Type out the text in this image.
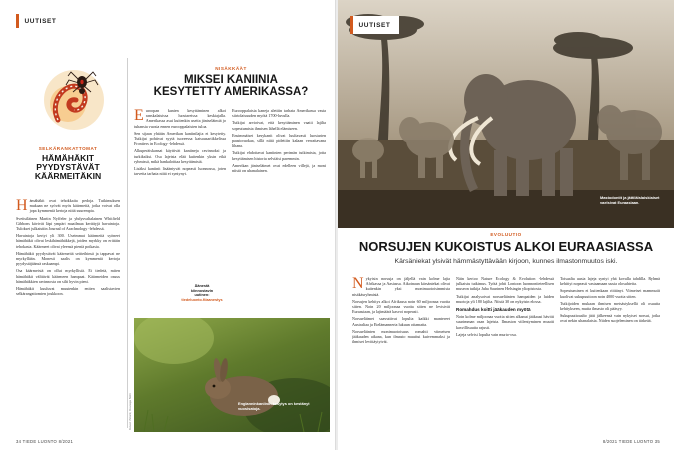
UUTISET
SELKÄRANKATTOMAT
HÄMÄHÄKIT
PYYDYSTÄVÄT
KÄÄRMEITÄKIN

Hämähäkit ovat tehokkaita pedoja. Tutkimuksen mukaan ne syövät myös käärmeitä, jotka voivat olla jopa kymmeniä kertoja niitä suurempia.

Sveitsiläinen Martin Nyffeler ja yhdysvaltalainen Whitfield Gibbons kävivät läpi ympäri maailmaa kerättyjä havaintoja. Tulokset julkaistiin Journal of Arachnology -lehdessä.

Havaintoja kertyi yli 300. Useimmat käärmeitä syöneet hämähäkit olivat leskihämähäkkejä, joiden myrkky on erittäin tehokasta. Käärmeet olivat yleensä pieniä poikasia.

Hämähäkit pyydystävät käärmeitä seitteihinsä ja tappavat ne myrkyllään. Monesti saalis on kymmeniä kertoja pyydystäjäänsä raskaampi.

Osa käärmeistä on ollut myrkyllisiä. Ei tiedetä, miten hämähäkit välttävät käärmeen hampaat. Käärmeiden osuus hämähäkkien ravinnosta on silti hyvin pieni.

Hämähäkit kuuluvat muutenkin eniten saalistavien selkärangattomien joukkoon.

NISÄKKÄÄT
MIKSEI KANIINIA
KESYTETTY AMERIKASSA?

Euroopan kanien kesyttäminen alkoi ranskalaisissa luostareissa keskiajalla. Amerikassa asui kuitenkin useita jäniseläimiä jo tuhansia vuosia ennen eurooppalaisten tuloa.

Sen sijaan yhtään Amerikan kaniinilajia ei kesytetty. Tutkijat pohtivat syytä tuoreessa katsausartikkelissa Frontiers in Ecology -lehdessä.

Alkuperäiskansat käyttivät kaniineja ravinnoksi ja turkiksiksi. Osa lajeista elää kuitenkin yksin eikä ryhmissä, mikä hankaloittaa kesyttämistä.

Lisäksi kaniinit lisääntyvät nopeasti luonnossa, joten tarvetta tarhata niitä ei syntynyt.

Eurooppalaisia kaneja alettiin tarhata Amerikassa vasta siirtolaisuuden myötä 1700-luvulla.

Tutkijat arvioivat, että kesyttäminen vaatii lajilta sopeutumista ihmisen lähellä elämiseen.

Ensimmäiset kesykanit olivat luultavasti luostarien paastoruokaa, sillä niitä pidettiin kalaan verrattavana lihana.

Tutkijat ehdottavat kaniinien perimän tutkimista, jotta kesyttämisen historia selviäisi paremmin.

Amerikan jäniseläimet ovat edelleen villejä, ja moni niistä on uhanalainen.

Äänestä
kiinnostavin
uutinen:
tiedeluonto.fi/aanestys
Englanninkaniinin kesytys on kestänyt vuosisatoja.
Kuvat: iStock, Kuvaaja Nimi
34 TIEDE LUONTO 8/2021
Mastodontit ja jättiläislaiskiaiset vaelsivat Euraasiaan.
UUTISET
EVOLUUTIO
NORSUJEN KUKOISTUS ALKOI EURAASIASSA
Kärsäniekat ylsivät hämmästyttävään kirjoon, kunnes ilmastonmuutos iski.

Nykyisin norsuja on jäljellä vain kolme lajia Afrikassa ja Aasiassa. Aikoinaan kärsäniekat olivat kuitenkin yksi monimuotoisimmista nisäkäsryhmistä.

Norsujen kehitys alkoi Afrikassa noin 60 miljoonaa vuotta sitten. Noin 20 miljoonaa vuotta sitten ne levisivät Euraasiaan, ja lajimäärä kasvoi nopeasti.

Norsueläimet saavuttivat lopulta kaikki mantereet Australiaa ja Etelämannerta lukuun ottamatta.

Norsueläinten monimuotoisuus romahti viimeisen jääkauden aikana, kun ilmasto muuttui kuivemmaksi ja ihmiset levittäytyivät.

Näin kertoo Nature Ecology & Evolution -lehdessä julkaistu tutkimus. Työtä johti Lontoon luonnontieteellisen museon tutkija Juha Saarinen Helsingin yliopistosta.

Tutkijat analysoivat norsueläinten hampaiden ja luiden muotoja yli 180 lajilta. Niistä 30 on nykyisin elossa.

Romahdus koitti jääkauden myötä

Noin kolme miljoonaa vuotta sitten alkanut jääkausi hävitti suurimman osan lajeista. Ilmaston viilentyminen muutti kasvillisuutta rajusti.

Lajeja selvisi lopulta vain murto-osa.

Toisaalta uusia lajeja syntyi yhä kovalla tahdilla. Ryhmä kehittyi nopeasti vastaamaan uusia olosuhteita.

Sopeutuminen ei kuitenkaan riittänyt. Viimeiset mammutit kuolivat sukupuuttoon noin 4000 vuotta sitten.

Tutkijoiden mukaan ihmisen metsästyksellä oli osuutta kehitykseen, mutta ilmasto oli pääsyy.

Sukupuuttoaalto jätti jälkeensä vain nykyiset norsut, jotka ovat nekin uhanalaisia. Niiden suojeleminen on tärkeää.

8/2021 TIEDE LUONTO 35
